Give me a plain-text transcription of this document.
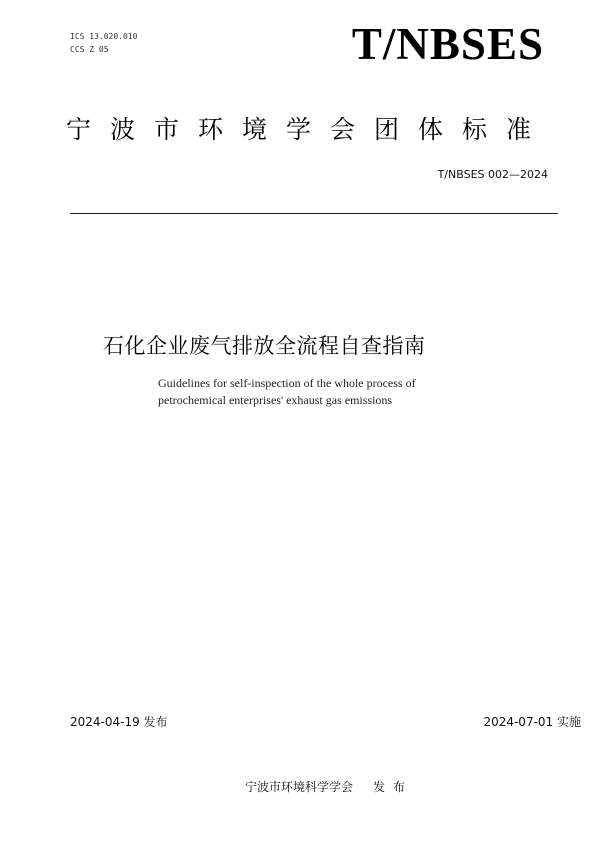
ICS 13.020.010
CCS Z 05	T/NBSES
宁波市环境学会团体标准
T/NBSES 002—2024
石化企业废气排放全流程自查指南
Guidelines for self-inspection of the whole process of
petrochemical enterprises' exhaust gas emissions
2024-04-19 发布	2024-07-01 实施
宁波市环境科学学会 发布
